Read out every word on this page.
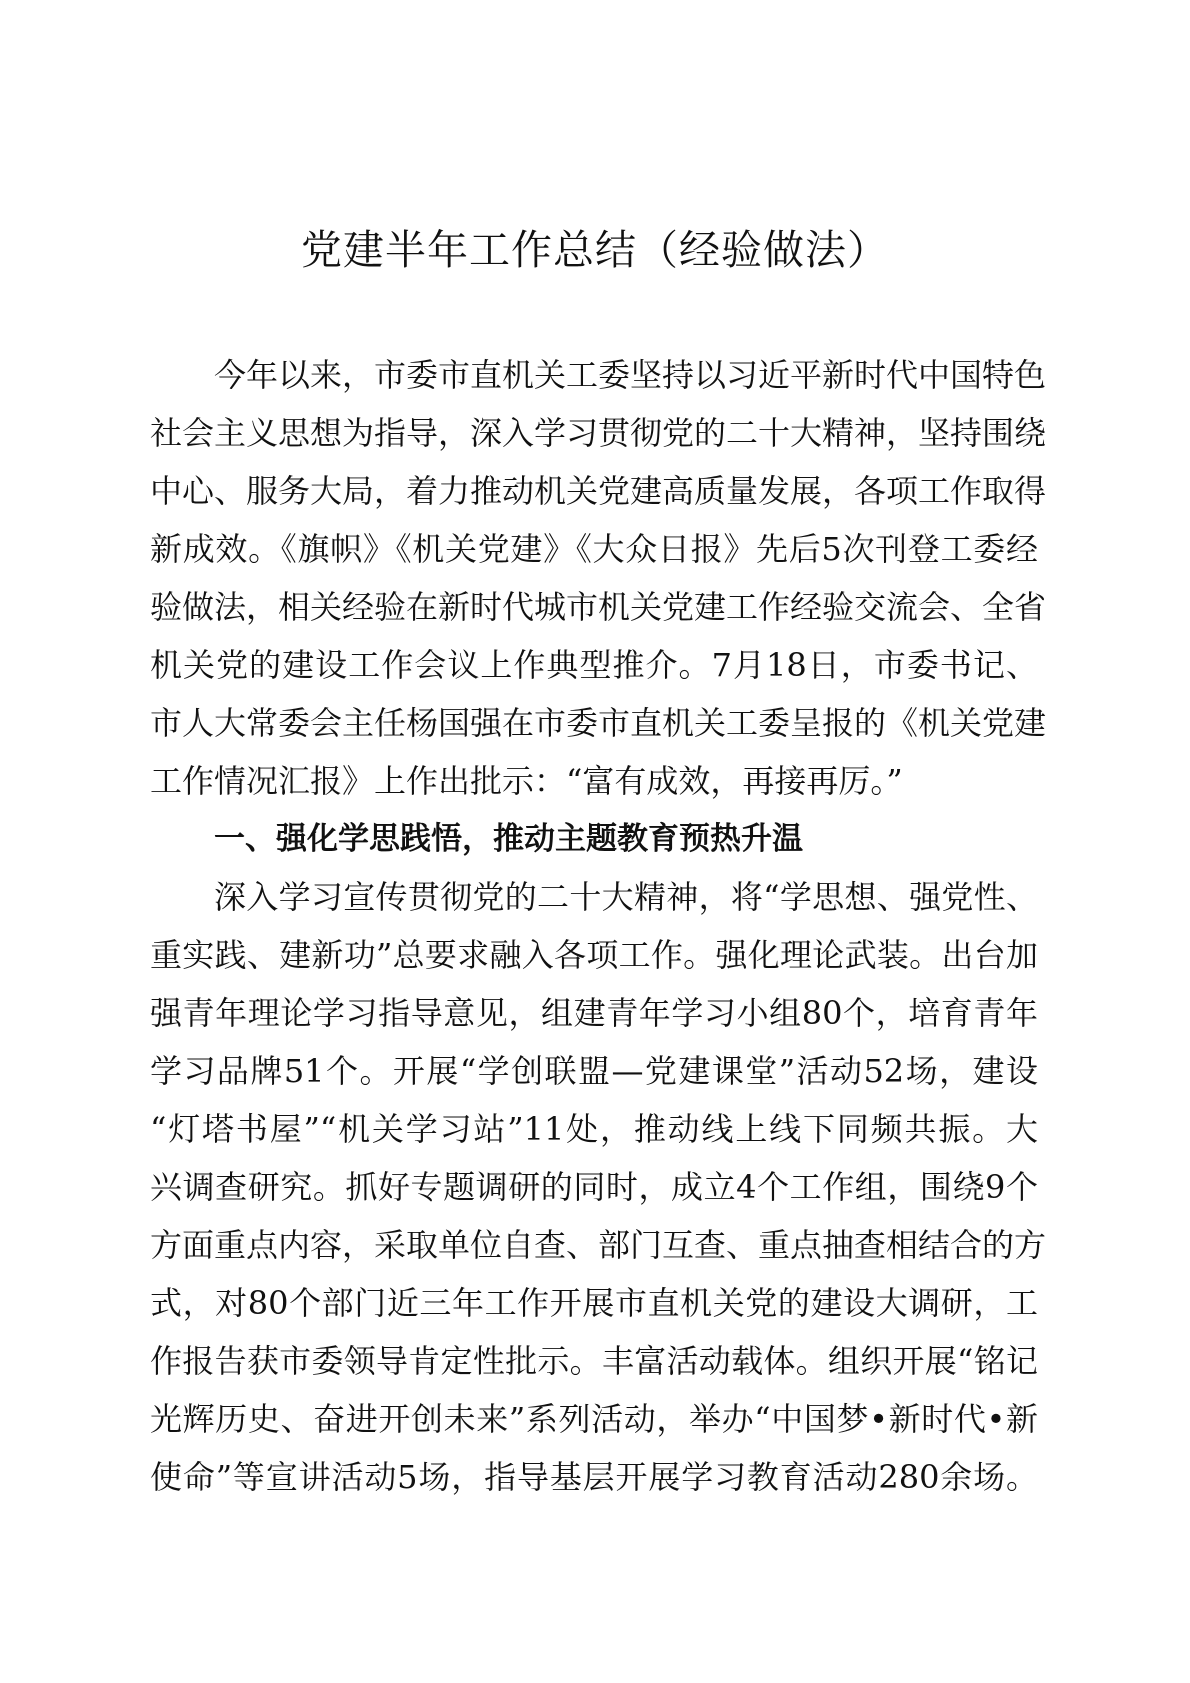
党建半年工作总结（经验做法）
今年以来，市委市直机关工委坚持以习近平新时代中国特色
社会主义思想为指导，深入学习贯彻党的二十大精神，坚持围绕
中心、服务大局，着力推动机关党建高质量发展，各项工作取得
新成效。《旗帜》《机关党建》《大众日报》先后5次刊登工委经
验做法，相关经验在新时代城市机关党建工作经验交流会、全省
机关党的建设工作会议上作典型推介。7月18日，市委书记、
市人大常委会主任杨国强在市委市直机关工委呈报的《机关党建
工作情况汇报》上作出批示：“富有成效，再接再厉。”
一、强化学思践悟，推动主题教育预热升温
深入学习宣传贯彻党的二十大精神，将“学思想、强党性、
重实践、建新功”总要求融入各项工作。强化理论武装。出台加
强青年理论学习指导意见，组建青年学习小组80个，培育青年
学习品牌51个。开展“学创联盟—党建课堂”活动52场，建设
“灯塔书屋”“机关学习站”11处，推动线上线下同频共振。大
兴调查研究。抓好专题调研的同时，成立4个工作组，围绕9个
方面重点内容，采取单位自查、部门互查、重点抽查相结合的方
式，对80个部门近三年工作开展市直机关党的建设大调研，工
作报告获市委领导肯定性批示。丰富活动载体。组织开展“铭记
光辉历史、奋进开创未来”系列活动，举办“中国梦•新时代•新
使命”等宣讲活动5场，指导基层开展学习教育活动280余场。
